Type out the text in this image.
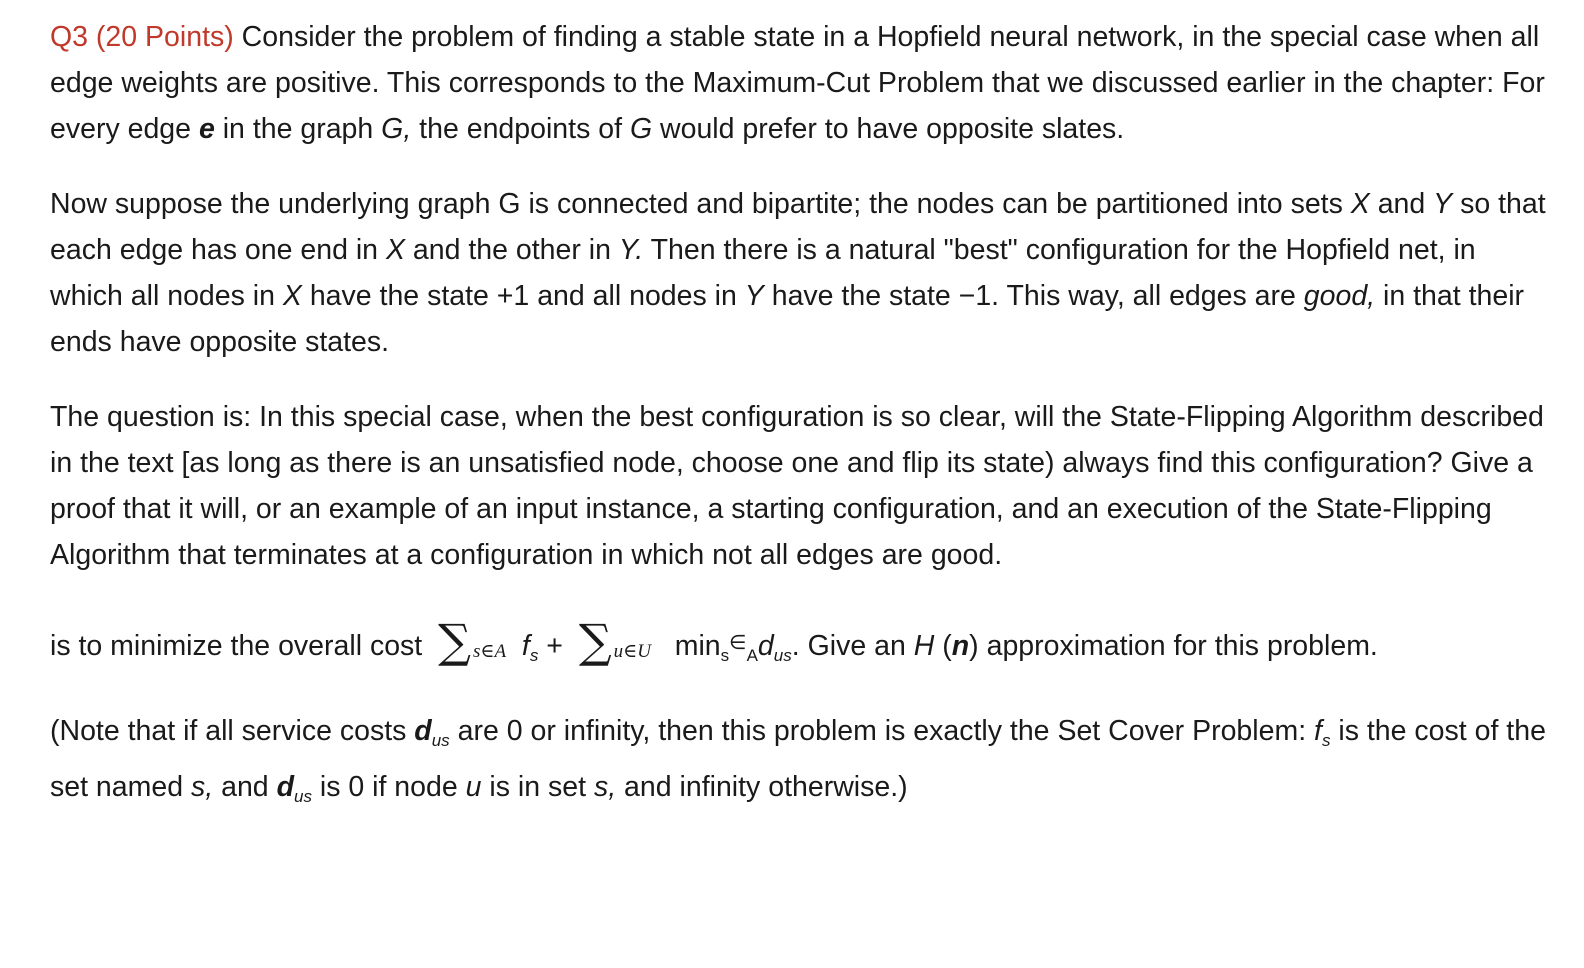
Q3 (20 Points) Consider the problem of finding a stable state in a Hopfield neural network, in the special case when all edge weights are positive. This corresponds to the Maximum-Cut Problem that we discussed earlier in the chapter: For every edge e in the graph G, the endpoints of G would prefer to have opposite slates.

Now suppose the underlying graph G is connected and bipartite; the nodes can be partitioned into sets X and Y so that each edge has one end in X and the other in Y. Then there is a natural "best" configuration for the Hopfield net, in which all nodes in X have the state +1 and all nodes in Y have the state −1. This way, all edges are good, in that their ends have opposite states.

The question is: In this special case, when the best configuration is so clear, will the State-Flipping Algorithm described in the text [as long as there is an unsatisfied node, choose one and flip its state) always find this configuration? Give a proof that it will, or an example of an input instance, a starting configuration, and an execution of the State-Flipping Algorithm that terminates at a configuration in which not all edges are good.

is to minimize the overall cost ∑ s∈A $f_s$ + ∑ u∈U $\min_s^\in_Ad_{us}$. Give an H (n) approximation for this problem.

(Note that if all service costs $d_{us}$ are 0 or infinity, then this problem is exactly the Set Cover Problem: $f_s$ is the cost of the set named s, and $d_{us}$ is 0 if node u is in set s, and infinity otherwise.)
